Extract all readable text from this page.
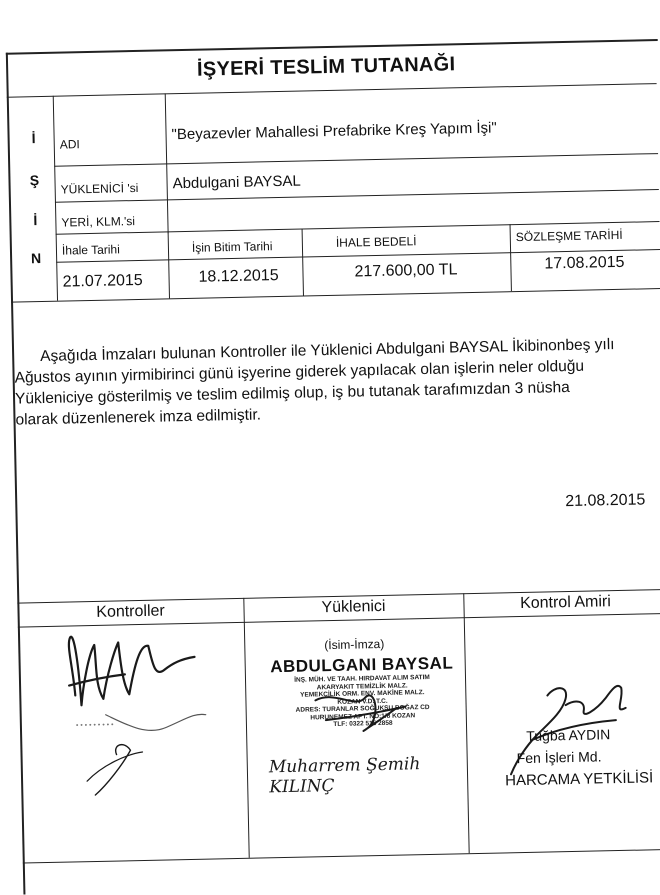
İŞYERİ TESLİM TUTANAĞI
İ
Ş
İ
N
ADI
"Beyazevler Mahallesi Prefabrike Kreş Yapım İşi"
YÜKLENİCİ 'si Abdulgani BAYSAL
YERİ, KLM.'si
İhale Tarihi	İşin Bitim Tarihi	İHALE BEDELİ	SÖZLEŞME TARİHİ
21.07.2015	18.12.2015	217.600,00 TL	17.08.2015

Aşağıda İmzaları bulunan Kontroller ile Yüklenici Abdulgani BAYSAL İkibinonbeş yılı

Ağustos ayının yirmibirinci günü işyerine giderek yapılacak olan işlerin neler olduğu

Yükleniciye gösterilmiş ve teslim edilmiş olup, iş bu tutanak tarafımızdan 3 nüsha

olarak düzenlenerek imza edilmiştir.

21.08.2015
Kontroller	Yüklenici	Kontrol Amiri
• • • • • • • • •
(İsim-İmza)
ABDULGANI BAYSAL
İNŞ. MÜH. VE TAAH. HIRDAVAT ALIM SATIM
AKARYAKIT TEMİZLİK MALZ.
YEMEKÇİLİK ORM. ENV. MAKİNE MALZ.
KOZAN V.D. T.C.
ADRES: TURANLAR SOĞUKSU BOĞAZ CD
HURUNEMEZ APT. NO:1/8 KOZAN
TLF: 0322 515 2858
Muharrem Şemih KILINÇ
Tuğba AYDIN
Fen İşleri Md.
HARCAMA YETKİLİSİ
